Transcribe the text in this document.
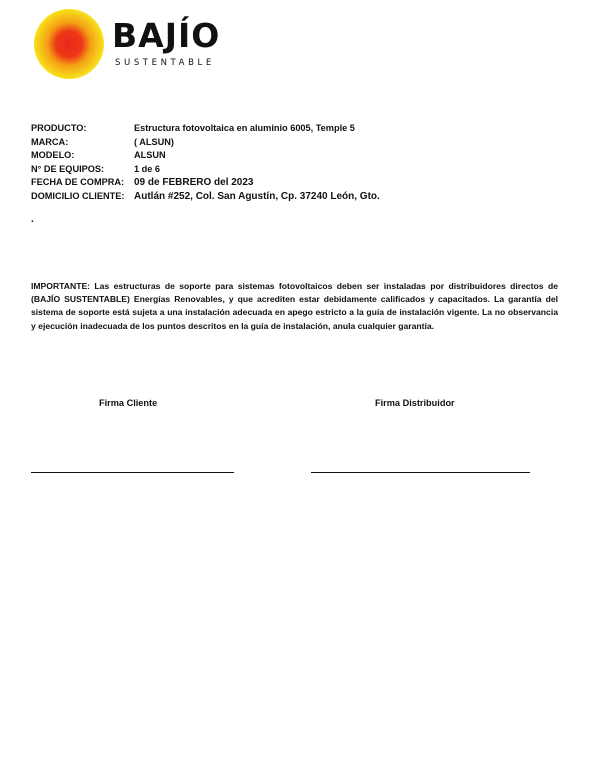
BAJÍO
SUSTENTABLE
PRODUCTO:	Estructura fotovoltaica en aluminio 6005, Temple 5
MARCA:	( ALSUN)
MODELO:	ALSUN
N° DE EQUIPOS:	1 de 6
FECHA DE COMPRA: 09 de FEBRERO del 2023
DOMICILIO CLIENTE: Autlán #252, Col. San Agustín, Cp. 37240 León, Gto.
.
IMPORTANTE: Las estructuras de soporte para sistemas fotovoltaicos deben ser instaladas por distribuidores directos de (BAJÍO SUSTENTABLE) Energías Renovables, y que acrediten estar debidamente calificados y capacitados. La garantía del sistema de soporte está sujeta a una instalación adecuada en apego estricto a la guía de instalación vigente. La no observancia y ejecución inadecuada de los puntos descritos en la guía de instalación, anula cualquier garantía.
Firma Cliente	Firma Distribuidor
